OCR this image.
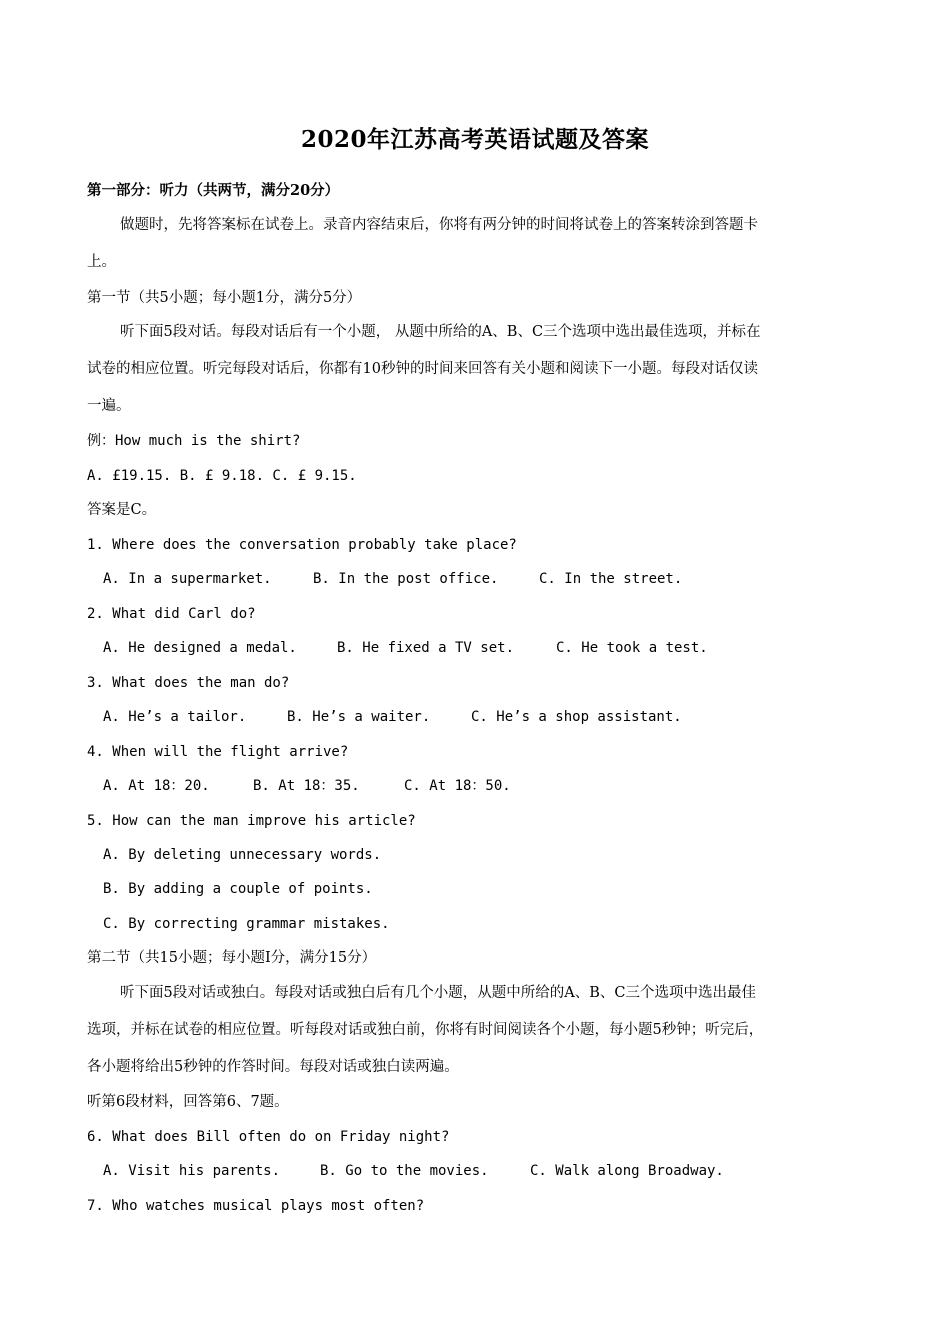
2020年江苏高考英语试题及答案
第一部分：听力（共两节，满分20分）
做题时，先将答案标在试卷上。录音内容结束后，你将有两分钟的时间将试卷上的答案转涂到答题卡
上。
第一节（共5小题；每小题1分，满分5分）
听下面5段对话。每段对话后有一个小题， 从题中所给的A、B、C三个选项中选出最佳选项，并标在
试卷的相应位置。听完每段对话后，你都有10秒钟的时间来回答有关小题和阅读下一小题。每段对话仅读
一遍。
例：How much is the shirt?
A. £19.15. B. £ 9.18. C. £ 9.15.
答案是C。
1. Where does the conversation probably take place?
A. In a supermarket.	B. In the post office.	C. In the street.
2. What did Carl do?
A. He designed a medal.	B. He fixed a TV set.	C. He took a test.
3. What does the man do?
A. He’s a tailor.	B. He’s a waiter.	C. He’s a shop assistant.
4. When will the flight arrive?
A. At 18：20.	B. At 18：35.	C. At 18：50.
5. How can the man improve his article?
A. By deleting unnecessary words.
B. By adding a couple of points.
C. By correcting grammar mistakes.
第二节（共15小题；每小题I分，满分15分）
听下面5段对话或独白。每段对话或独白后有几个小题，从题中所给的A、B、C三个选项中选出最佳
选项，并标在试卷的相应位置。听每段对话或独白前，你将有时间阅读各个小题，每小题5秒钟；听完后，
各小题将给出5秒钟的作答时间。每段对话或独白读两遍。
听第6段材料，回答第6、7题。
6. What does Bill often do on Friday night?
A. Visit his parents.	B. Go to the movies.	C. Walk along Broadway.
7. Who watches musical plays most often?
